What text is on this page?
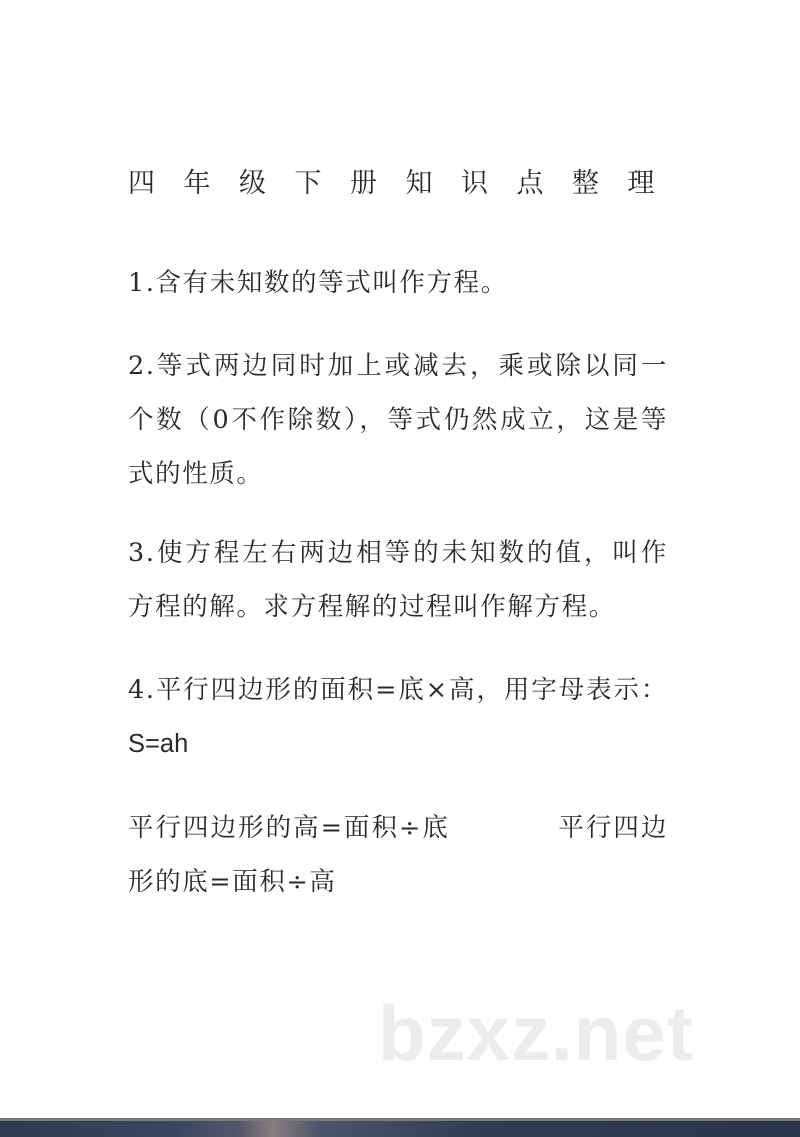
四年级下册知识点整理
1.含有未知数的等式叫作方程。
2.等式两边同时加上或减去，乘或除以同一个数（0不作除数），等式仍然成立，这是等式的性质。
3.使方程左右两边相等的未知数的值，叫作方程的解。求方程解的过程叫作解方程。
4.平行四边形的面积=底×高，用字母表示：S=ah
平行四边形的高=面积÷底	平行四边形的底=面积÷高
bzxz.net
